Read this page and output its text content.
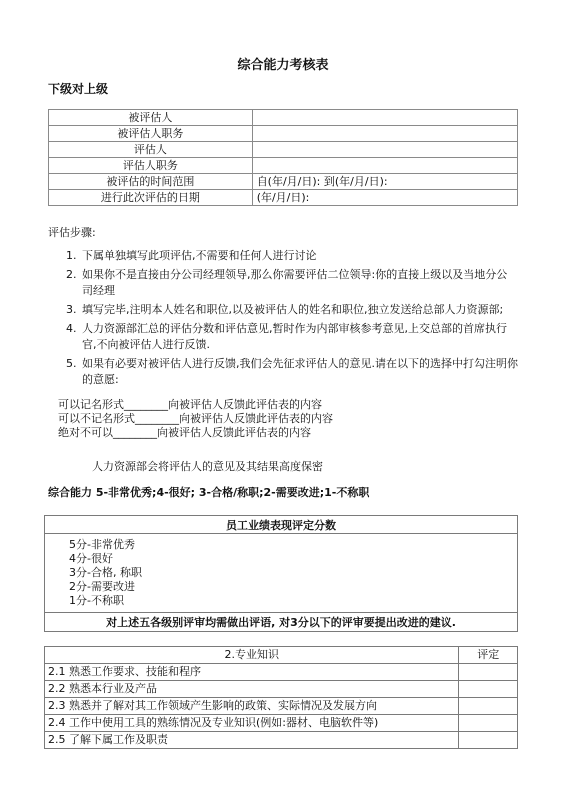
综合能力考核表
下级对上级
被评估人	
被评估人职务	
评估人	
评估人职务	
被评估的时间范围	自(年/月/日): 到(年/月/日):
进行此次评估的日期	(年/月/日):
评估步骤:
1. 下属单独填写此项评估,不需要和任何人进行讨论
2. 如果你不是直接由分公司经理领导,那么你需要评估二位领导:你的直接上级以及当地分公司经理
3. 填写完毕,注明本人姓名和职位,以及被评估人的姓名和职位,独立发送给总部人力资源部;
4. 人力资源部汇总的评估分数和评估意见,暂时作为内部审核参考意见,上交总部的首席执行官,不向被评估人进行反馈.
5. 如果有必要对被评估人进行反馈,我们会先征求评估人的意见.请在以下的选择中打勾注明你的意愿:
可以记名形式________向被评估人反馈此评估表的内容
可以不记名形式________向被评估人反馈此评估表的内容
绝对不可以________向被评估人反馈此评估表的内容
人力资源部会将评估人的意见及其结果高度保密
综合能力 5-非常优秀;4-很好; 3-合格/称职;2-需要改进;1-不称职
员工业绩表现评定分数

5分-非常优秀
4分-很好
3分-合格, 称职
2分-需要改进
1分-不称职

对上述五各级别评审均需做出评语, 对3分以下的评审要提出改进的建议.
2.专业知识	评定
2.1 熟悉工作要求、技能和程序	
2.2 熟悉本行业及产品	
2.3 熟悉并了解对其工作领域产生影响的政策、实际情况及发展方向	
2.4 工作中使用工具的熟练情况及专业知识(例如:器材、电脑软件等)	
2.5 了解下属工作及职责	
